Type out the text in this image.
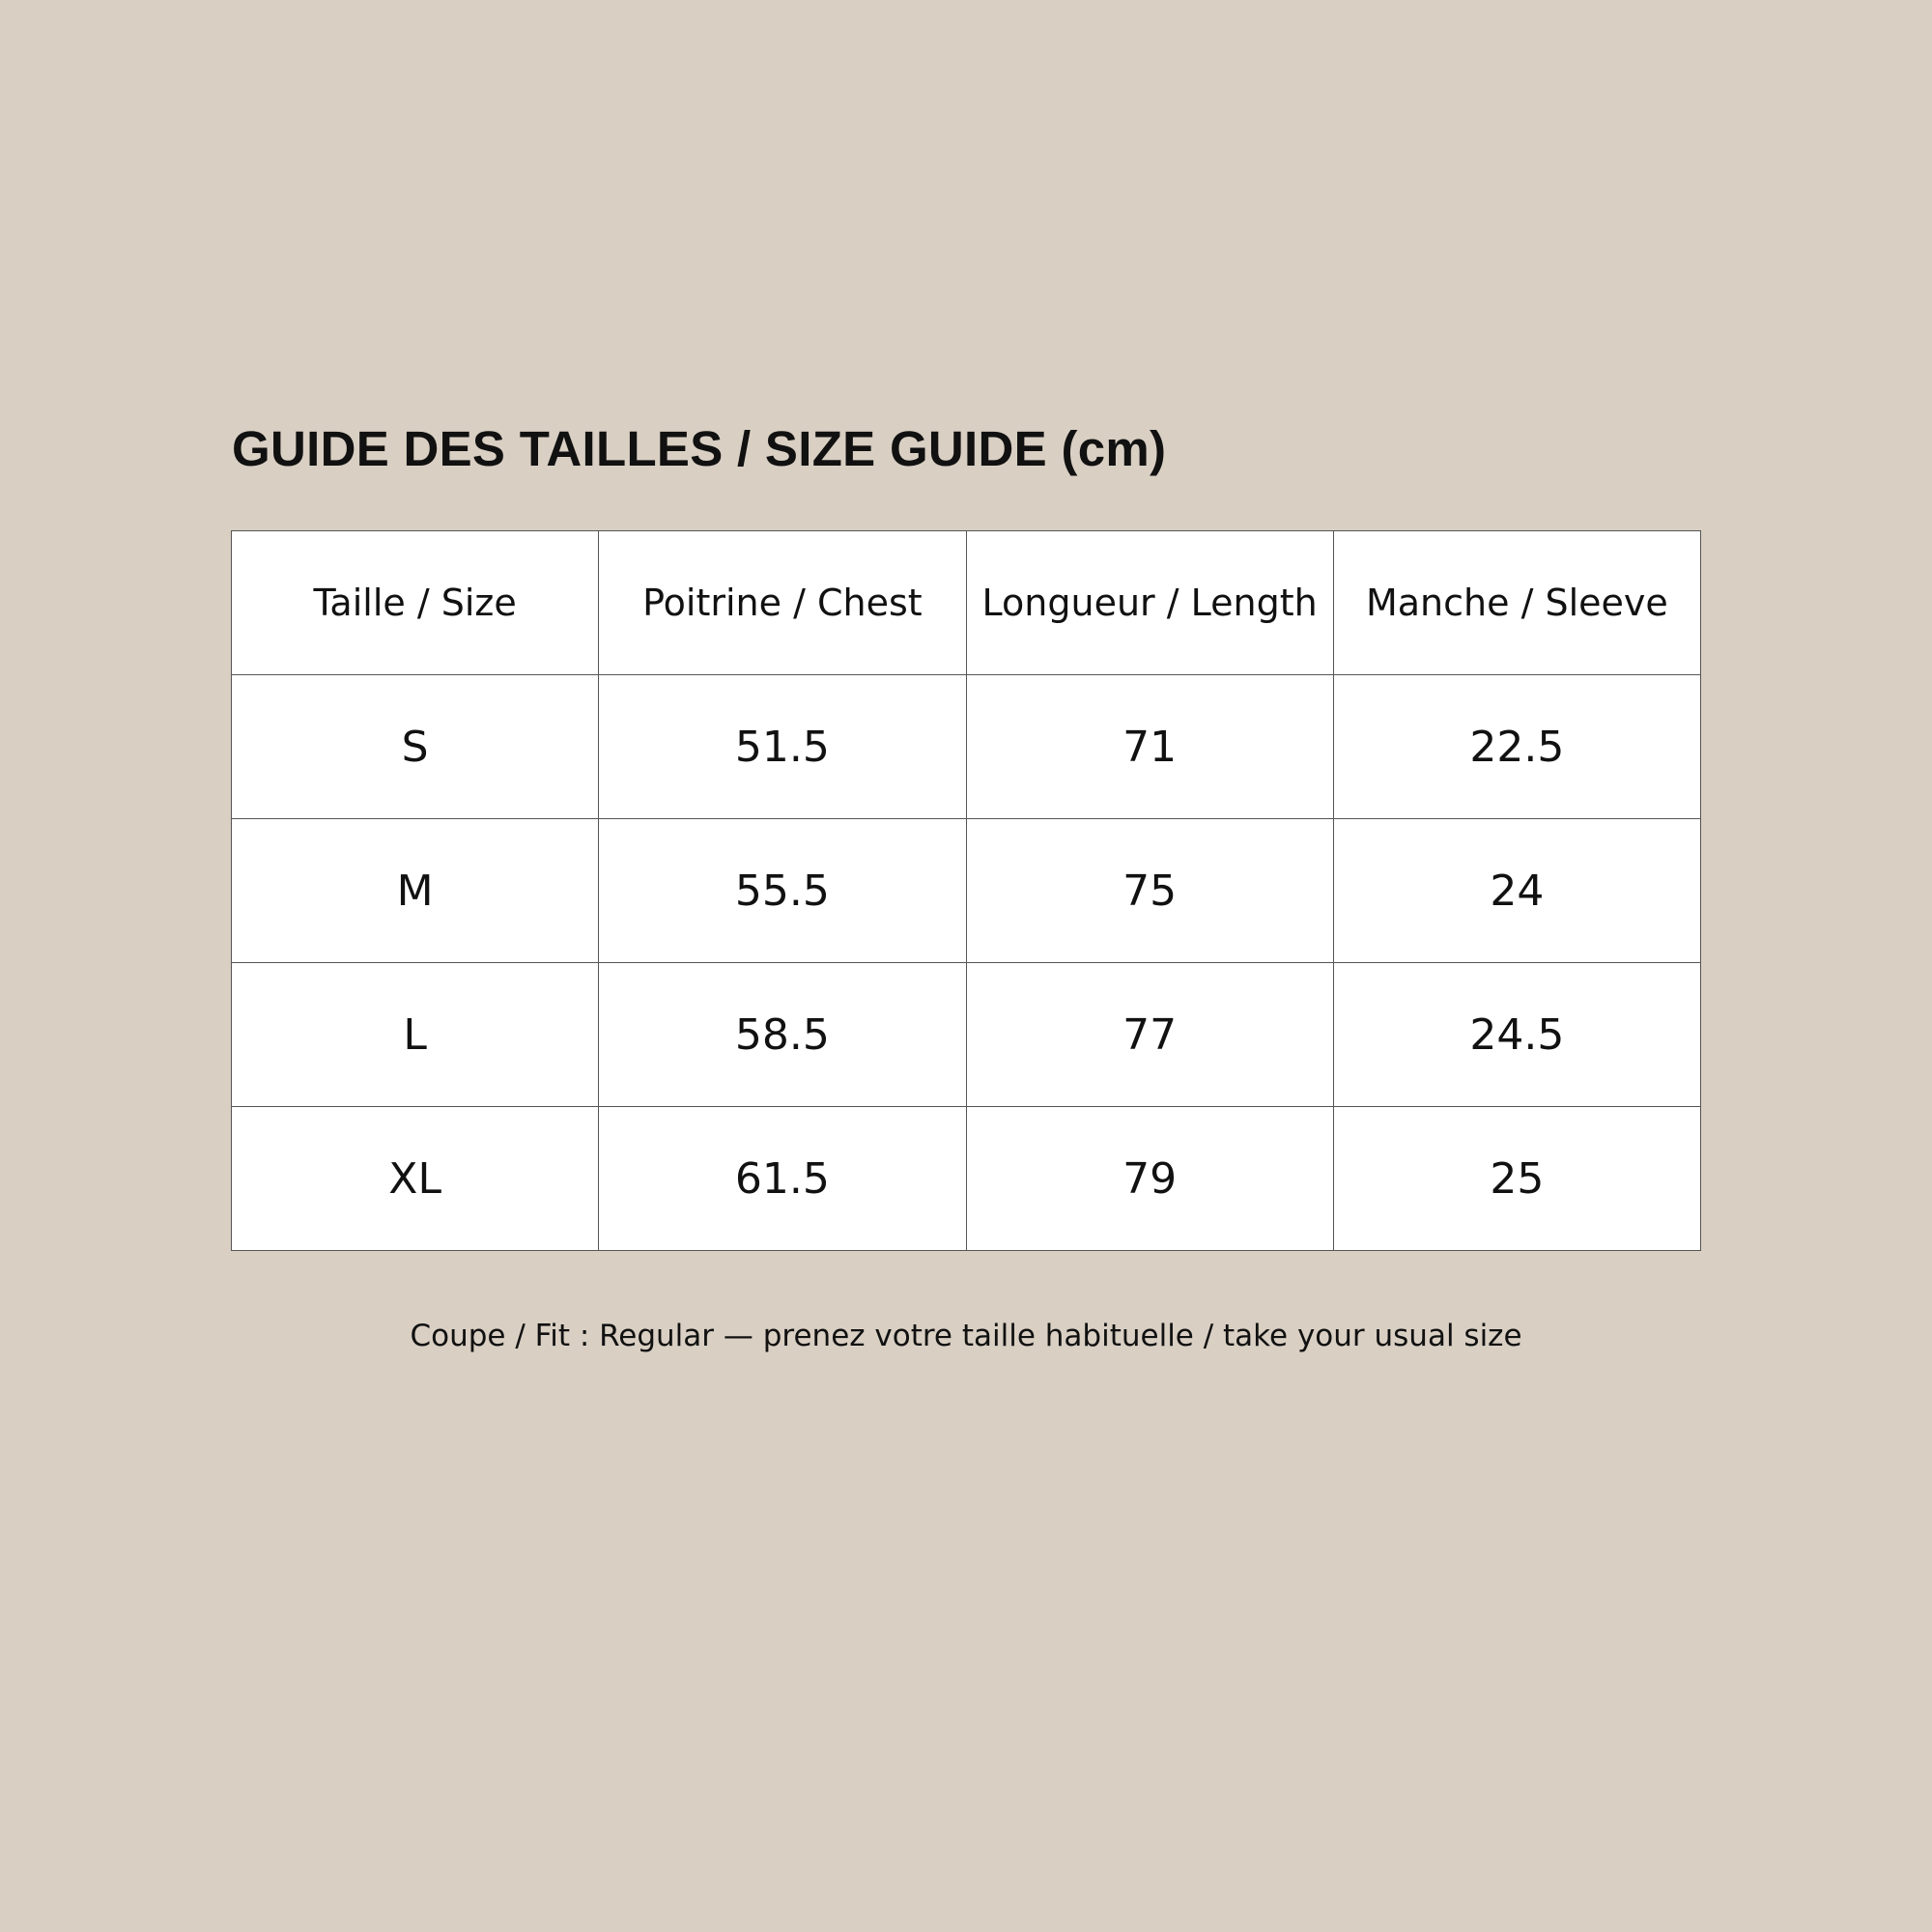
GUIDE DES TAILLES / SIZE GUIDE (cm)
Taille / Size	Poitrine / Chest	Longueur / Length	Manche / Sleeve
S	51.5	71	22.5
M	55.5	75	24
L	58.5	77	24.5
XL	61.5	79	25

Coupe / Fit : Regular — prenez votre taille habituelle / take your usual size
